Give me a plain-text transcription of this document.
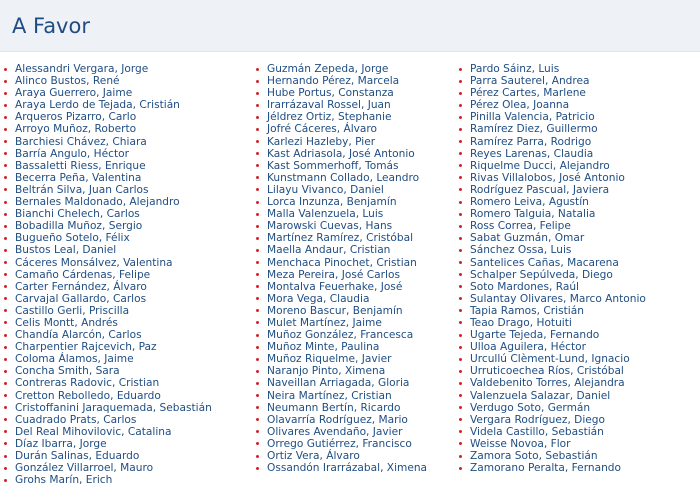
A Favor
Alessandri Vergara, Jorge
Alinco Bustos, René
Araya Guerrero, Jaime
Araya Lerdo de Tejada, Cristián
Arqueros Pizarro, Carlo
Arroyo Muñoz, Roberto
Barchiesi Chávez, Chiara
Barría Angulo, Héctor
Bassaletti Riess, Enrique
Becerra Peña, Valentina
Beltrán Silva, Juan Carlos
Bernales Maldonado, Alejandro
Bianchi Chelech, Carlos
Bobadilla Muñoz, Sergio
Bugueño Sotelo, Félix
Bustos Leal, Daniel
Cáceres Monsálvez, Valentina
Camaño Cárdenas, Felipe
Carter Fernández, Álvaro
Carvajal Gallardo, Carlos
Castillo Gerli, Priscilla
Celis Montt, Andrés
Chandía Alarcón, Carlos
Charpentier Rajcevich, Paz
Coloma Álamos, Jaime
Concha Smith, Sara
Contreras Radovic, Cristian
Cretton Rebolledo, Eduardo
Cristoffanini Jaraquemada, Sebastián
Cuadrado Prats, Carlos
Del Real Mihovilovic, Catalina
Díaz Ibarra, Jorge
Durán Salinas, Eduardo
González Villarroel, Mauro
Grohs Marín, Erich
Guzmán Zepeda, Jorge
Hernando Pérez, Marcela
Hube Portus, Constanza
Irarrázaval Rossel, Juan
Jéldrez Ortiz, Stephanie
Jofré Cáceres, Álvaro
Karlezi Hazleby, Pier
Kast Adriasola, José Antonio
Kast Sommerhoff, Tomás
Kunstmann Collado, Leandro
Lilayu Vivanco, Daniel
Lorca Inzunza, Benjamín
Malla Valenzuela, Luis
Marowski Cuevas, Hans
Martínez Ramírez, Cristóbal
Maella Andaur, Cristian
Menchaca Pinochet, Cristian
Meza Pereira, José Carlos
Montalva Feuerhake, José
Mora Vega, Claudia
Moreno Bascur, Benjamín
Mulet Martínez, Jaime
Muñoz González, Francesca
Muñoz Minte, Paulina
Muñoz Riquelme, Javier
Naranjo Pinto, Ximena
Naveillan Arriagada, Gloria
Neira Martínez, Cristian
Neumann Bertín, Ricardo
Olavarría Rodríguez, Mario
Olivares Avendaño, Javier
Orrego Gutiérrez, Francisco
Ortiz Vera, Álvaro
Ossandón Irarrázabal, Ximena
Pardo Sáinz, Luis
Parra Sauterel, Andrea
Pérez Cartes, Marlene
Pérez Olea, Joanna
Pinilla Valencia, Patricio
Ramírez Diez, Guillermo
Ramírez Parra, Rodrigo
Reyes Larenas, Claudia
Riquelme Ducci, Alejandro
Rivas Villalobos, José Antonio
Rodríguez Pascual, Javiera
Romero Leiva, Agustín
Romero Talguia, Natalia
Ross Correa, Felipe
Sabat Guzmán, Omar
Sánchez Ossa, Luis
Santelices Cañas, Macarena
Schalper Sepúlveda, Diego
Soto Mardones, Raúl
Sulantay Olivares, Marco Antonio
Tapia Ramos, Cristián
Teao Drago, Hotuiti
Ugarte Tejeda, Fernando
Ulloa Aguilera, Héctor
Urcullú Clèment-Lund, Ignacio
Urruticoechea Ríos, Cristóbal
Valdebenito Torres, Alejandra
Valenzuela Salazar, Daniel
Verdugo Soto, Germán
Vergara Rodríguez, Diego
Videla Castillo, Sebastián
Weisse Novoa, Flor
Zamora Soto, Sebastián
Zamorano Peralta, Fernando
